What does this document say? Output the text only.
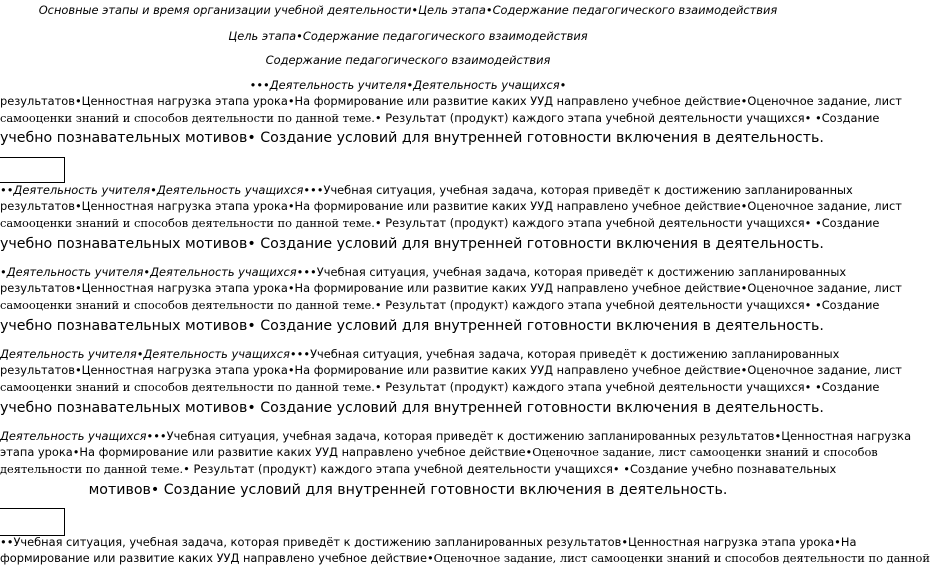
Основные этапы и время организации учебной деятельности•Цель этапа•Содержание педагогического взаимодействия
Цель этапа•Содержание педагогического взаимодействия
Содержание педагогического взаимодействия
•••Деятельность учителя•Деятельность учащихся•
результатов•Ценностная нагрузка этапа урока•На формирование или развитие каких УУД направлено учебное действие•Оценочное задание, лист
самооценки знаний и способов деятельности по данной теме.• Результат (продукт) каждого этапа учебной деятельности учащихся• •Создание
учебно познавательных мотивов• Создание условий для внутренней готовности включения в деятельность.
••Деятельность учителя•Деятельность учащихся•••Учебная ситуация, учебная задача, которая приведёт к достижению запланированных
результатов•Ценностная нагрузка этапа урока•На формирование или развитие каких УУД направлено учебное действие•Оценочное задание, лист
самооценки знаний и способов деятельности по данной теме.• Результат (продукт) каждого этапа учебной деятельности учащихся• •Создание
учебно познавательных мотивов• Создание условий для внутренней готовности включения в деятельность.
•Деятельность учителя•Деятельность учащихся•••Учебная ситуация, учебная задача, которая приведёт к достижению запланированных
результатов•Ценностная нагрузка этапа урока•На формирование или развитие каких УУД направлено учебное действие•Оценочное задание, лист
самооценки знаний и способов деятельности по данной теме.• Результат (продукт) каждого этапа учебной деятельности учащихся• •Создание
учебно познавательных мотивов• Создание условий для внутренней готовности включения в деятельность.
Деятельность учителя•Деятельность учащихся•••Учебная ситуация, учебная задача, которая приведёт к достижению запланированных
результатов•Ценностная нагрузка этапа урока•На формирование или развитие каких УУД направлено учебное действие•Оценочное задание, лист
самооценки знаний и способов деятельности по данной теме.• Результат (продукт) каждого этапа учебной деятельности учащихся• •Создание
учебно познавательных мотивов• Создание условий для внутренней готовности включения в деятельность.
Деятельность учащихся•••Учебная ситуация, учебная задача, которая приведёт к достижению запланированных результатов•Ценностная нагрузка
этапа урока•На формирование или развитие каких УУД направлено учебное действие•Оценочное задание, лист самооценки знаний и способов
деятельности по данной теме.• Результат (продукт) каждого этапа учебной деятельности учащихся• •Создание учебно познавательных
мотивов• Создание условий для внутренней готовности включения в деятельность.
••Учебная ситуация, учебная задача, которая приведёт к достижению запланированных результатов•Ценностная нагрузка этапа урока•На
формирование или развитие каких УУД направлено учебное действие•Оценочное задание, лист самооценки знаний и способов деятельности по данной
